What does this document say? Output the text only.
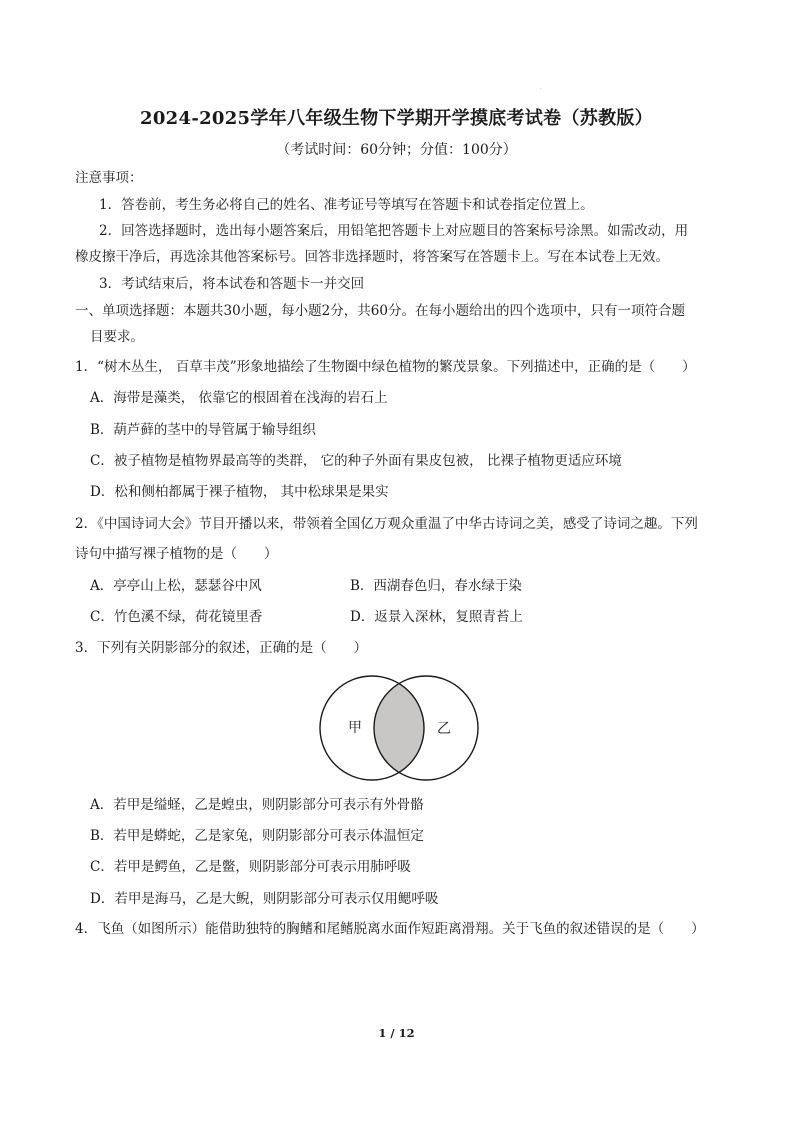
2024-2025学年八年级生物下学期开学摸底考试卷（苏教版）
（考试时间：60分钟；分值：100分）
注意事项：
1．答卷前，考生务必将自己的姓名、准考证号等填写在答题卡和试卷指定位置上。
2．回答选择题时，选出每小题答案后，用铅笔把答题卡上对应题目的答案标号涂黑。如需改动，用
橡皮擦干净后，再选涂其他答案标号。回答非选择题时，将答案写在答题卡上。写在本试卷上无效。
3．考试结束后，将本试卷和答题卡一并交回
一、单项选择题：本题共30小题，每小题2分，共60分。在每小题给出的四个选项中，只有一项符合题
目要求。
1．“树木丛生， 百草丰茂”形象地描绘了生物圈中绿色植物的繁茂景象。下列描述中，正确的是（　　）
A．海带是藻类， 依靠它的根固着在浅海的岩石上
B．葫芦藓的茎中的导管属于输导组织
C．被子植物是植物界最高等的类群， 它的种子外面有果皮包被， 比裸子植物更适应环境
D．松和侧柏都属于裸子植物， 其中松球果是果实
2．《中国诗词大会》节目开播以来，带领着全国亿万观众重温了中华古诗词之美，感受了诗词之趣。下列
诗句中描写裸子植物的是（　　）
A．亭亭山上松，瑟瑟谷中风	B．西湖春色归，春水绿于染
C．竹色溪不绿，荷花镜里香	D．返景入深林，复照青苔上
3．下列有关阴影部分的叙述，正确的是（　　）
甲	乙
A．若甲是缢蛏，乙是蝗虫，则阴影部分可表示有外骨骼
B．若甲是蟒蛇，乙是家兔，则阴影部分可表示体温恒定
C．若甲是鳄鱼，乙是鳖，则阴影部分可表示用肺呼吸
D．若甲是海马，乙是大鲵，则阴影部分可表示仅用鳃呼吸
4．飞鱼（如图所示）能借助独特的胸鳍和尾鳍脱离水面作短距离滑翔。关于飞鱼的叙述错误的是（　　）
1 / 12
